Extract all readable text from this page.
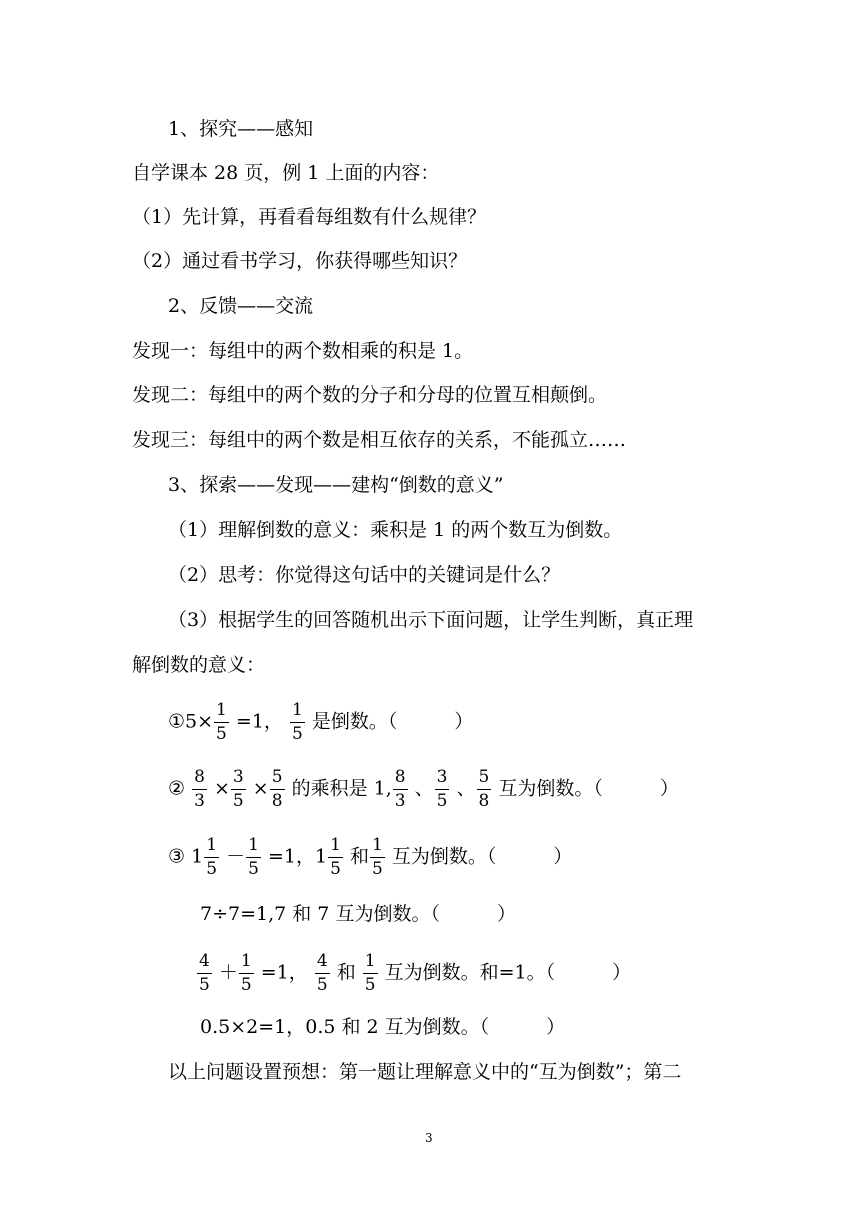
1、探究——感知
自学课本 28 页，例 1 上面的内容：
（1）先计算，再看看每组数有什么规律？
（2）通过看书学习，你获得哪些知识？
2、反馈——交流
发现一：每组中的两个数相乘的积是 1。
发现二：每组中的两个数的分子和分母的位置互相颠倒。
发现三：每组中的两个数是相互依存的关系，不能孤立……
3、探索——发现——建构“倒数的意义”
（1）理解倒数的意义：乘积是 1 的两个数互为倒数。
（2）思考：你觉得这句话中的关键词是什么？
（3）根据学生的回答随机出示下面问题，让学生判断，真正理
解倒数的意义：
①5× $\frac{1}{5} =1$， $\frac{1}{5}$ 是倒数。（　　　）
② $\frac{8}{3} \times \frac{3}{5} \times \frac{5}{8}$ 的乘积是 1, $\frac{8}{3}$ 、 $\frac{3}{5}$ 、 $\frac{5}{8}$ 互为倒数。（　　　）
③ $1 \frac{1}{5} - \frac{1}{5} =1$，$1 \frac{1}{5}$ 和 $\frac{1}{5}$ 互为倒数。（　　　）
7÷7=1,7 和 7 互为倒数。（　　　）
$\frac{4}{5} + \frac{1}{5} =1$， $\frac{4}{5}$ 和 $\frac{1}{5}$ 互为倒数。和=1。（　　　）
0.5×2=1，0.5 和 2 互为倒数。（　　　）
以上问题设置预想：第一题让理解意义中的“互为倒数”；第二
3
